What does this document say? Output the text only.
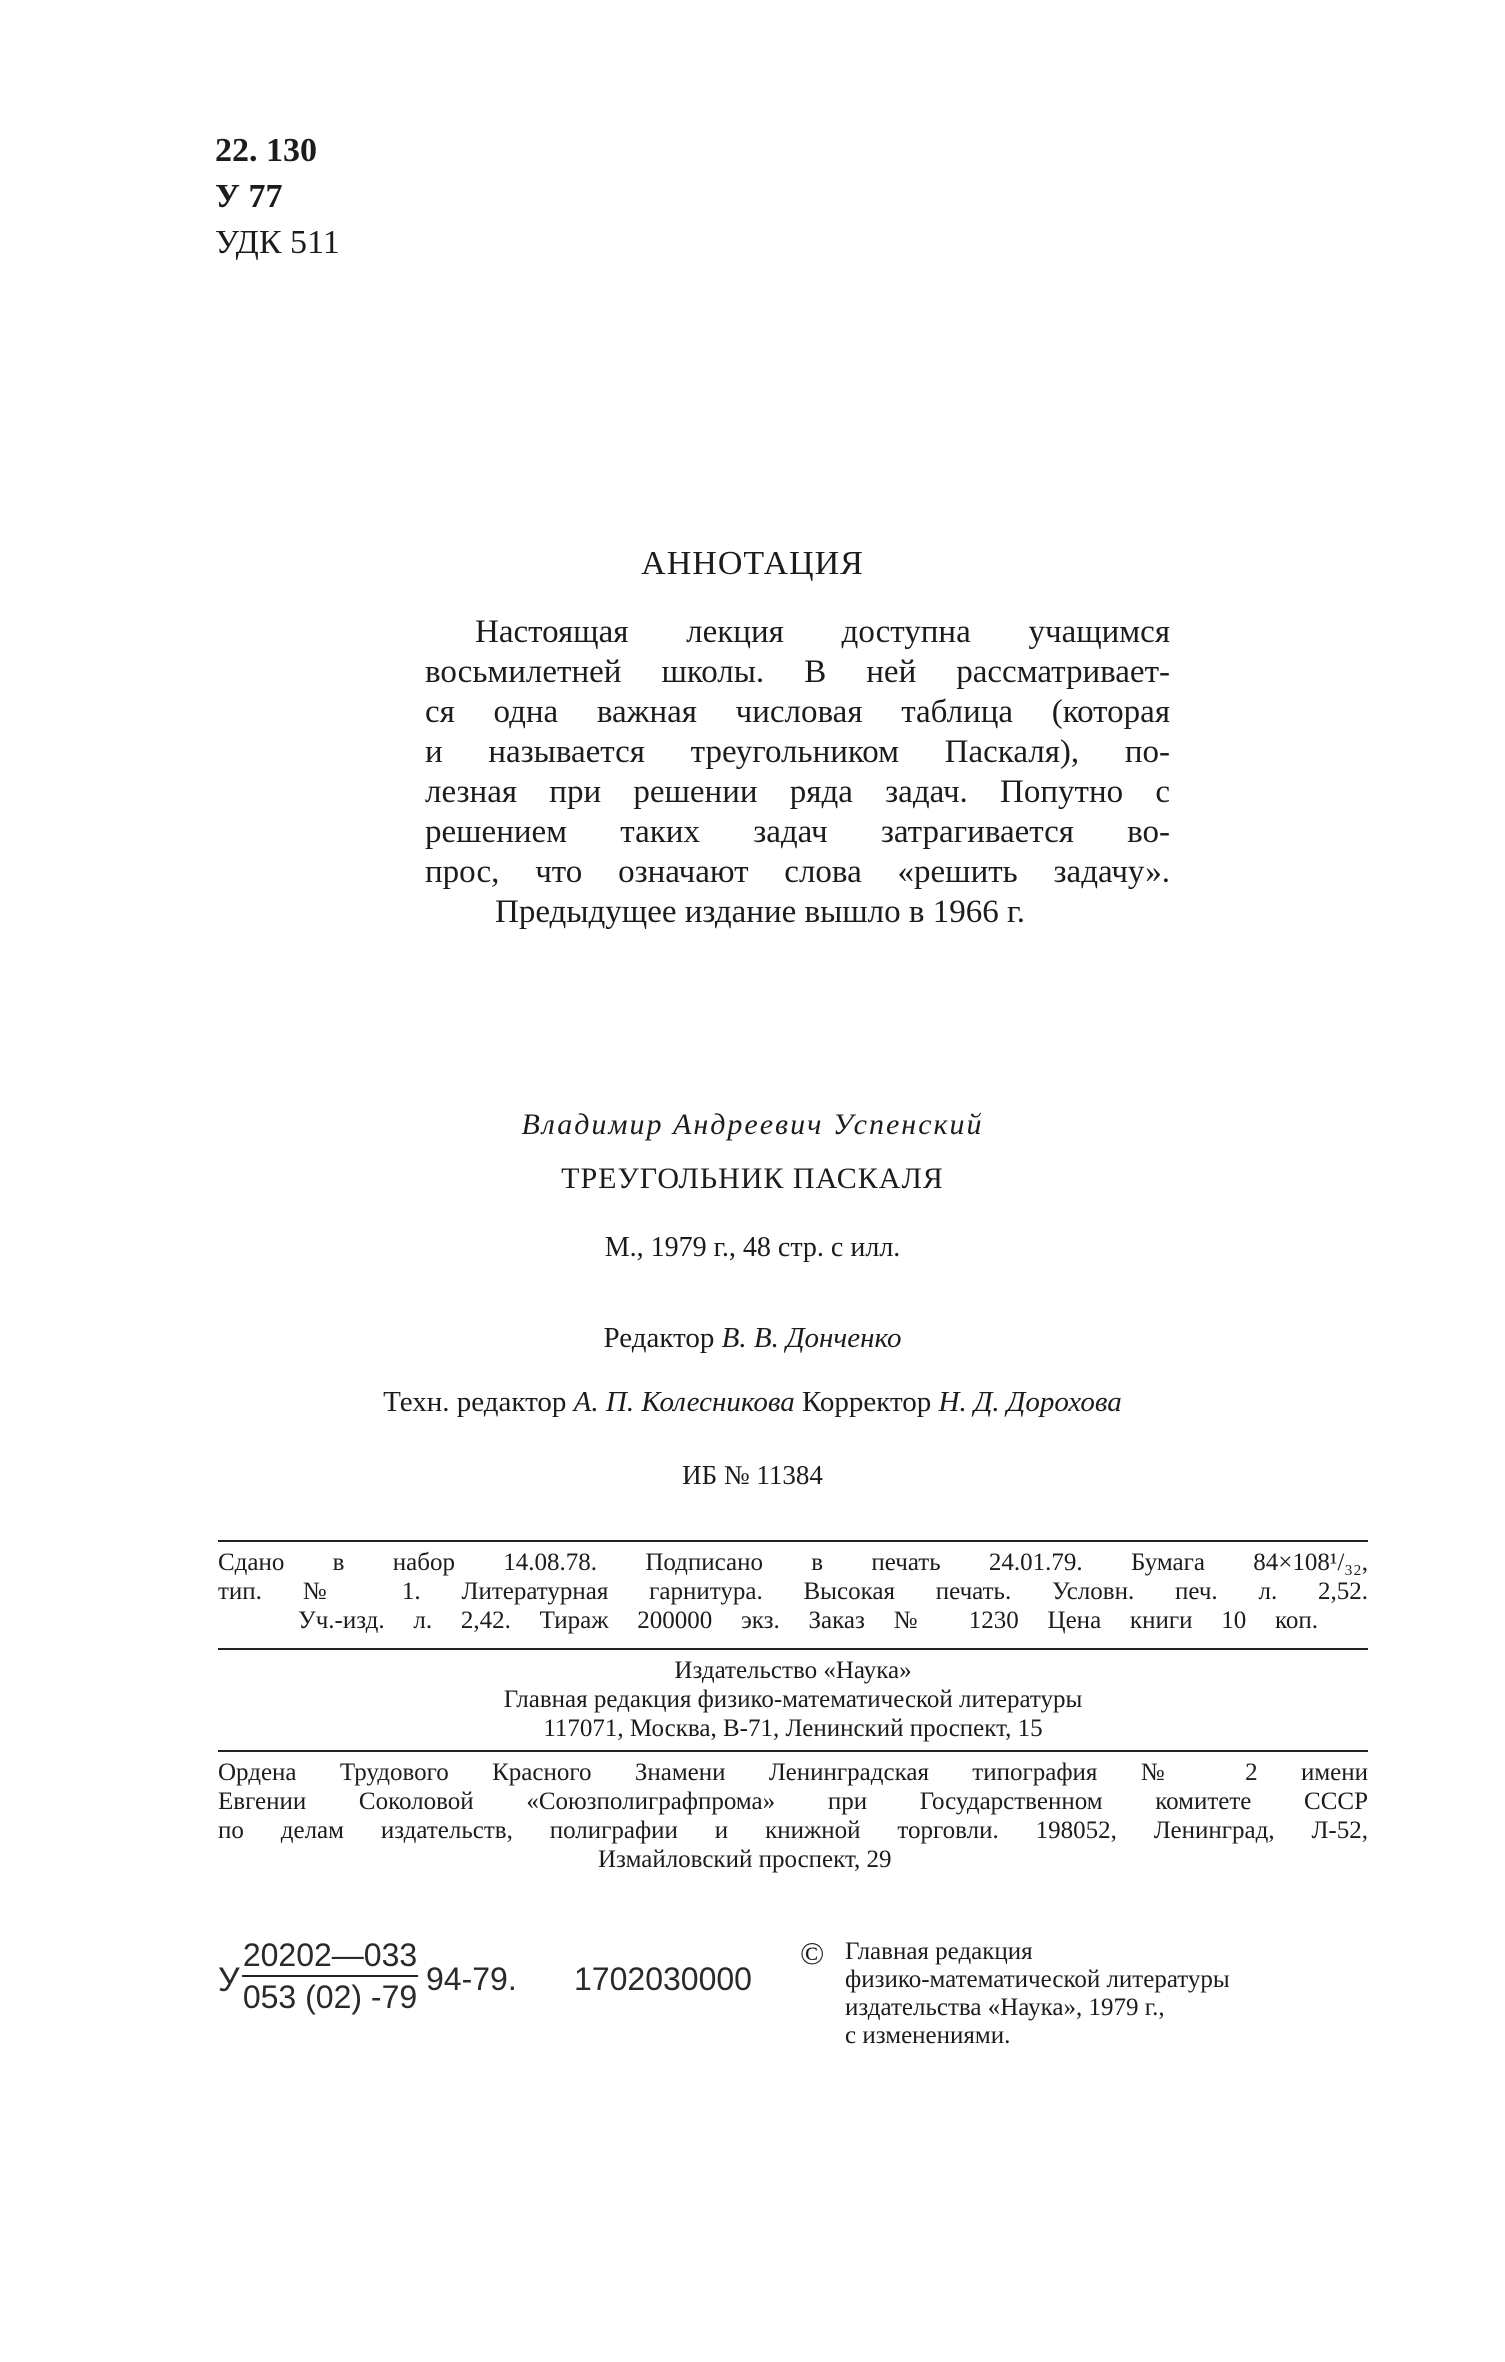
22. 130
У 77
УДК 511
АННОТАЦИЯ
Настоящая лекция доступна учащимся
восьмилетней школы. В ней рассматривает-
ся одна важная числовая таблица (которая
и называется треугольником Паскаля), по-
лезная при решении ряда задач. Попутно с
решением таких задач затрагивается во-
прос, что означают слова «решить задачу».
Предыдущее издание вышло в 1966 г.
Владимир Андреевич Успенский
ТРЕУГОЛЬНИК ПАСКАЛЯ
М., 1979 г., 48 стр. с илл.
Редактор В. В. Донченко
Техн. редактор А. П. Колесникова Корректор Н. Д. Дорохова
ИБ № 11384
Сдано в набор 14.08.78. Подписано в печать 24.01.79. Бумага 84×108¹/₃₂,
тип. № 1. Литературная гарнитура. Высокая печать. Условн. печ. л. 2,52.
Уч.-изд. л. 2,42. Тираж 200000 экз. Заказ № 1230 Цена книги 10 коп.
Издательство «Наука»
Главная редакция физико-математической литературы
117071, Москва, В-71, Ленинский проспект, 15
Ордена Трудового Красного Знамени Ленинградская типография № 2 имени
Евгении Соколовой «Союзполиграфпрома» при Государственном комитете СССР
по делам издательств, полиграфии и книжной торговли. 198052, Ленинград, Л-52,
Измайловский проспект, 29
У
20202—033
053 (02) -79 94-79. 1702030000
© Главная редакция
физико-математической литературы
издательства «Наука», 1979 г.,
с изменениями.
